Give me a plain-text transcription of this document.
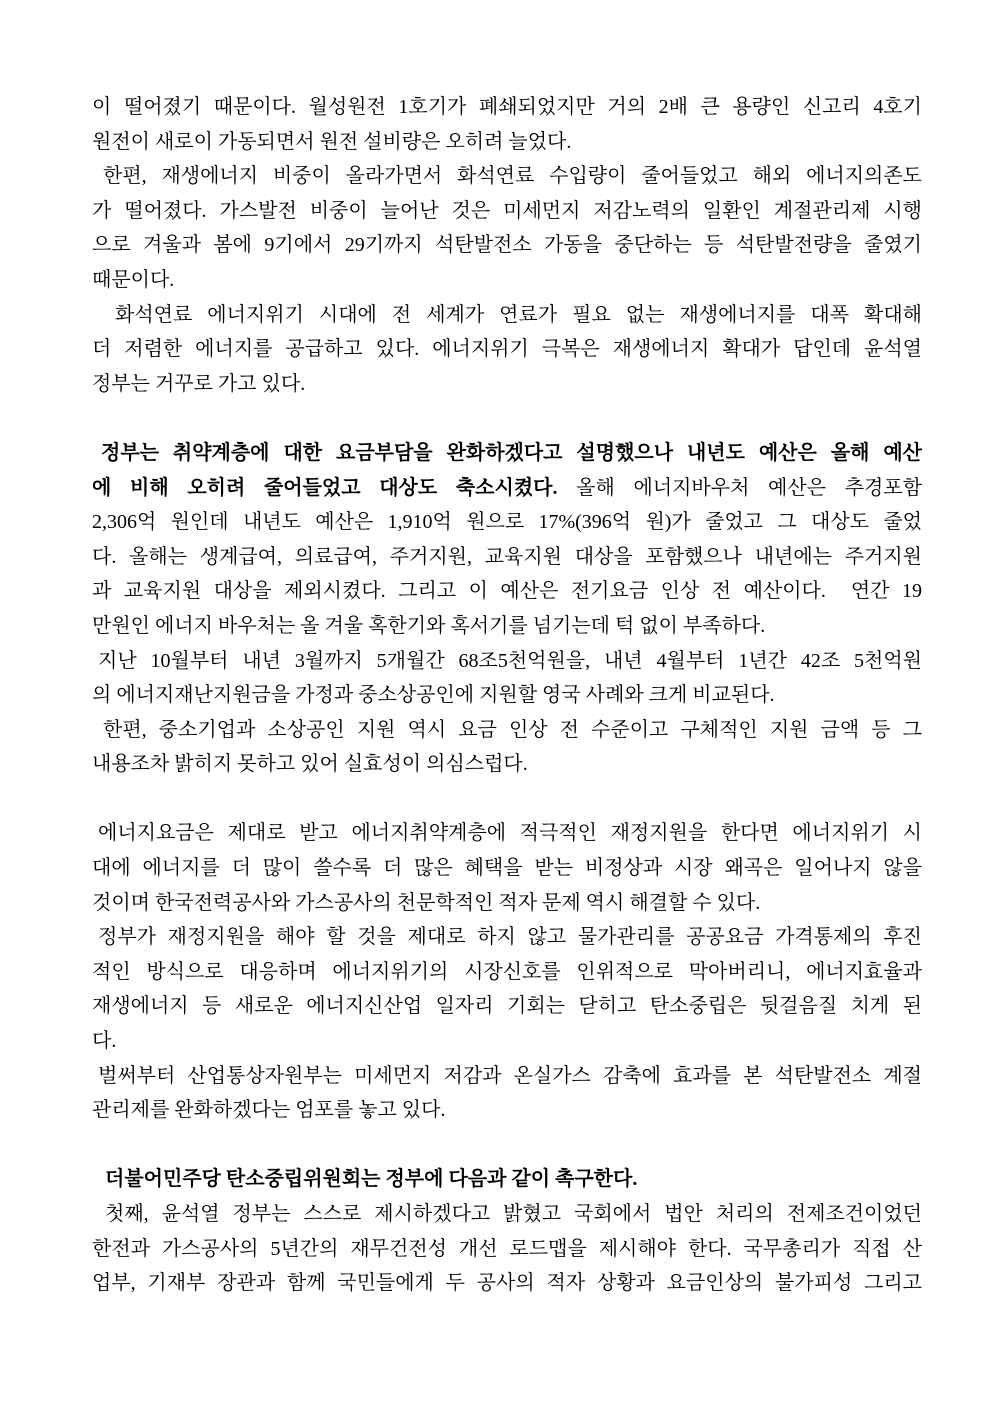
이 떨어졌기 때문이다. 월성원전 1호기가 폐쇄되었지만 거의 2배 큰 용량인 신고리 4호기
원전이 새로이 가동되면서 원전 설비량은 오히려 늘었다.
한편, 재생에너지 비중이 올라가면서 화석연료 수입량이 줄어들었고 해외 에너지의존도
가 떨어졌다. 가스발전 비중이 늘어난 것은 미세먼지 저감노력의 일환인 계절관리제 시행
으로 겨울과 봄에 9기에서 29기까지 석탄발전소 가동을 중단하는 등 석탄발전량을 줄였기
때문이다.
화석연료 에너지위기 시대에 전 세계가 연료가 필요 없는 재생에너지를 대폭 확대해
더 저렴한 에너지를 공급하고 있다. 에너지위기 극복은 재생에너지 확대가 답인데 윤석열
정부는 거꾸로 가고 있다.
정부는 취약계층에 대한 요금부담을 완화하겠다고 설명했으나 내년도 예산은 올해 예산
에 비해 오히려 줄어들었고 대상도 축소시켰다. 올해 에너지바우처 예산은 추경포함
2,306억 원인데 내년도 예산은 1,910억 원으로 17%(396억 원)가 줄었고 그 대상도 줄었
다. 올해는 생계급여, 의료급여, 주거지원, 교육지원 대상을 포함했으나 내년에는 주거지원
과 교육지원 대상을 제외시켰다. 그리고 이 예산은 전기요금 인상 전 예산이다.  연간 19
만원인 에너지 바우처는 올 겨울 혹한기와 혹서기를 넘기는데 턱 없이 부족하다.
지난 10월부터 내년 3월까지 5개월간 68조5천억원을, 내년 4월부터 1년간 42조 5천억원
의 에너지재난지원금을 가정과 중소상공인에 지원할 영국 사례와 크게 비교된다.
한편, 중소기업과 소상공인 지원 역시 요금 인상 전 수준이고 구체적인 지원 금액 등 그
내용조차 밝히지 못하고 있어 실효성이 의심스럽다.
에너지요금은 제대로 받고 에너지취약계층에 적극적인 재정지원을 한다면 에너지위기 시
대에 에너지를 더 많이 쓸수록 더 많은 혜택을 받는 비정상과 시장 왜곡은 일어나지 않을
것이며 한국전력공사와 가스공사의 천문학적인 적자 문제 역시 해결할 수 있다.
정부가 재정지원을 해야 할 것을 제대로 하지 않고 물가관리를 공공요금 가격통제의 후진
적인 방식으로 대응하며 에너지위기의 시장신호를 인위적으로 막아버리니, 에너지효율과
재생에너지 등 새로운 에너지신산업 일자리 기회는 닫히고 탄소중립은 뒷걸음질 치게 된
다.
벌써부터 산업통상자원부는 미세먼지 저감과 온실가스 감축에 효과를 본 석탄발전소 계절
관리제를 완화하겠다는 엄포를 놓고 있다.
더불어민주당 탄소중립위원회는 정부에 다음과 같이 촉구한다.
첫째, 윤석열 정부는 스스로 제시하겠다고 밝혔고 국회에서 법안 처리의 전제조건이었던
한전과 가스공사의 5년간의 재무건전성 개선 로드맵을 제시해야 한다. 국무총리가 직접 산
업부, 기재부 장관과 함께 국민들에게 두 공사의 적자 상황과 요금인상의 불가피성 그리고
